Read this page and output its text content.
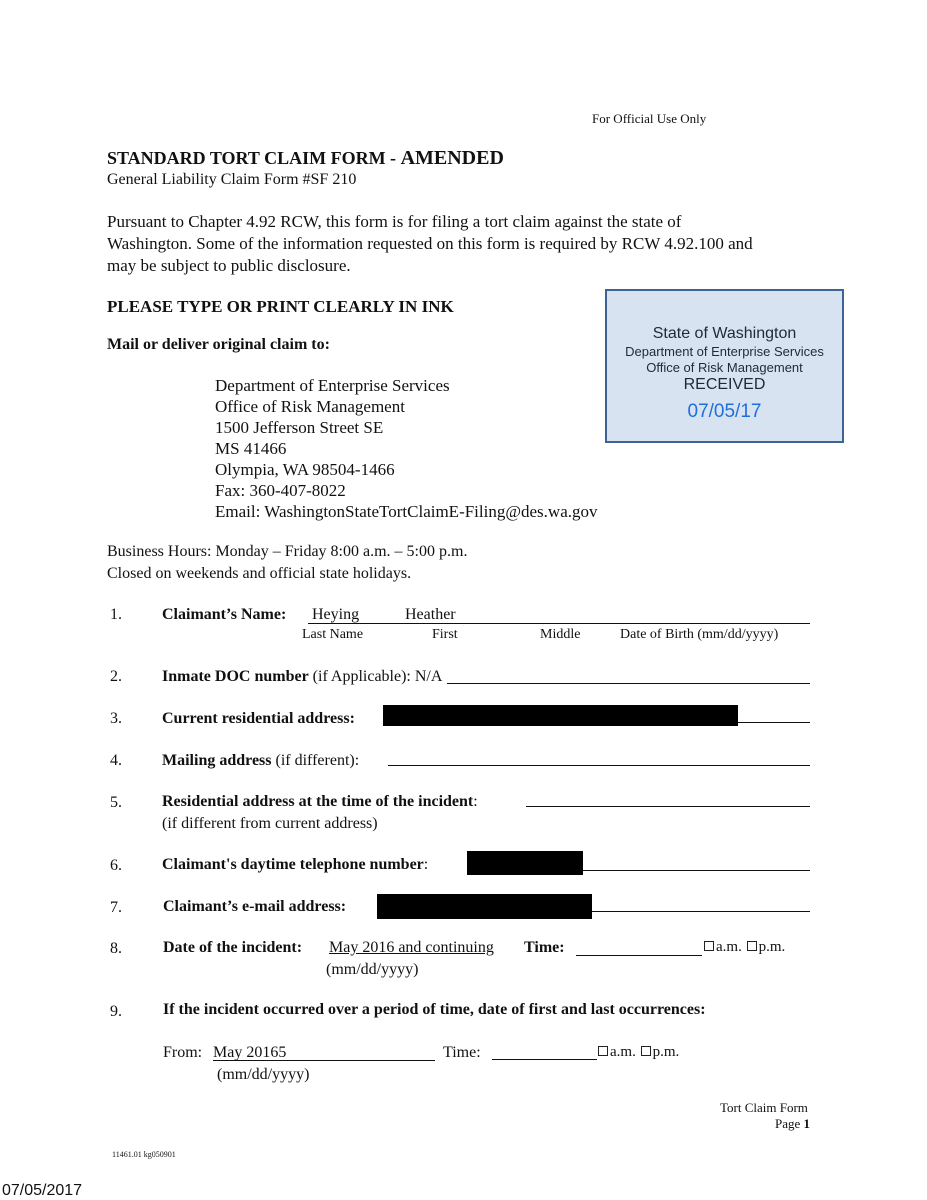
For Official Use Only
STANDARD TORT CLAIM FORM - AMENDED
General Liability Claim Form #SF 210
Pursuant to Chapter 4.92 RCW, this form is for filing a tort claim against the state of
Washington. Some of the information requested on this form is required by RCW 4.92.100 and
may be subject to public disclosure.
PLEASE TYPE OR PRINT CLEARLY IN INK
Mail or deliver original claim to:
State of Washington
Department of Enterprise Services
Office of Risk Management
RECEIVED
07/05/17
Department of Enterprise Services
Office of Risk Management
1500 Jefferson Street SE
MS 41466
Olympia, WA 98504-1466
Fax: 360-407-8022
Email: WashingtonStateTortClaimE-Filing@des.wa.gov
Business Hours: Monday – Friday 8:00 a.m. – 5:00 p.m.
Closed on weekends and official state holidays.
1.	Claimant’s Name: Heying	Heather
Last Name	First	Middle	Date of Birth (mm/dd/yyyy)
2.	Inmate DOC number (if Applicable): N/A
3.	Current residential address:
4.	Mailing address (if different):
5.	Residential address at the time of the incident:
(if different from current address)
6.	Claimant's daytime telephone number:
7.	Claimant’s e-mail address:
8.	Date of the incident: May 2016 and continuing Time:	a.m. p.m.
(mm/dd/yyyy)
9.	If the incident occurred over a period of time, date of first and last occurrences:
From: May 20165	Time:	a.m. p.m.
(mm/dd/yyyy)
Tort Claim Form
Page 1
11461.01 kg050901
07/05/2017
